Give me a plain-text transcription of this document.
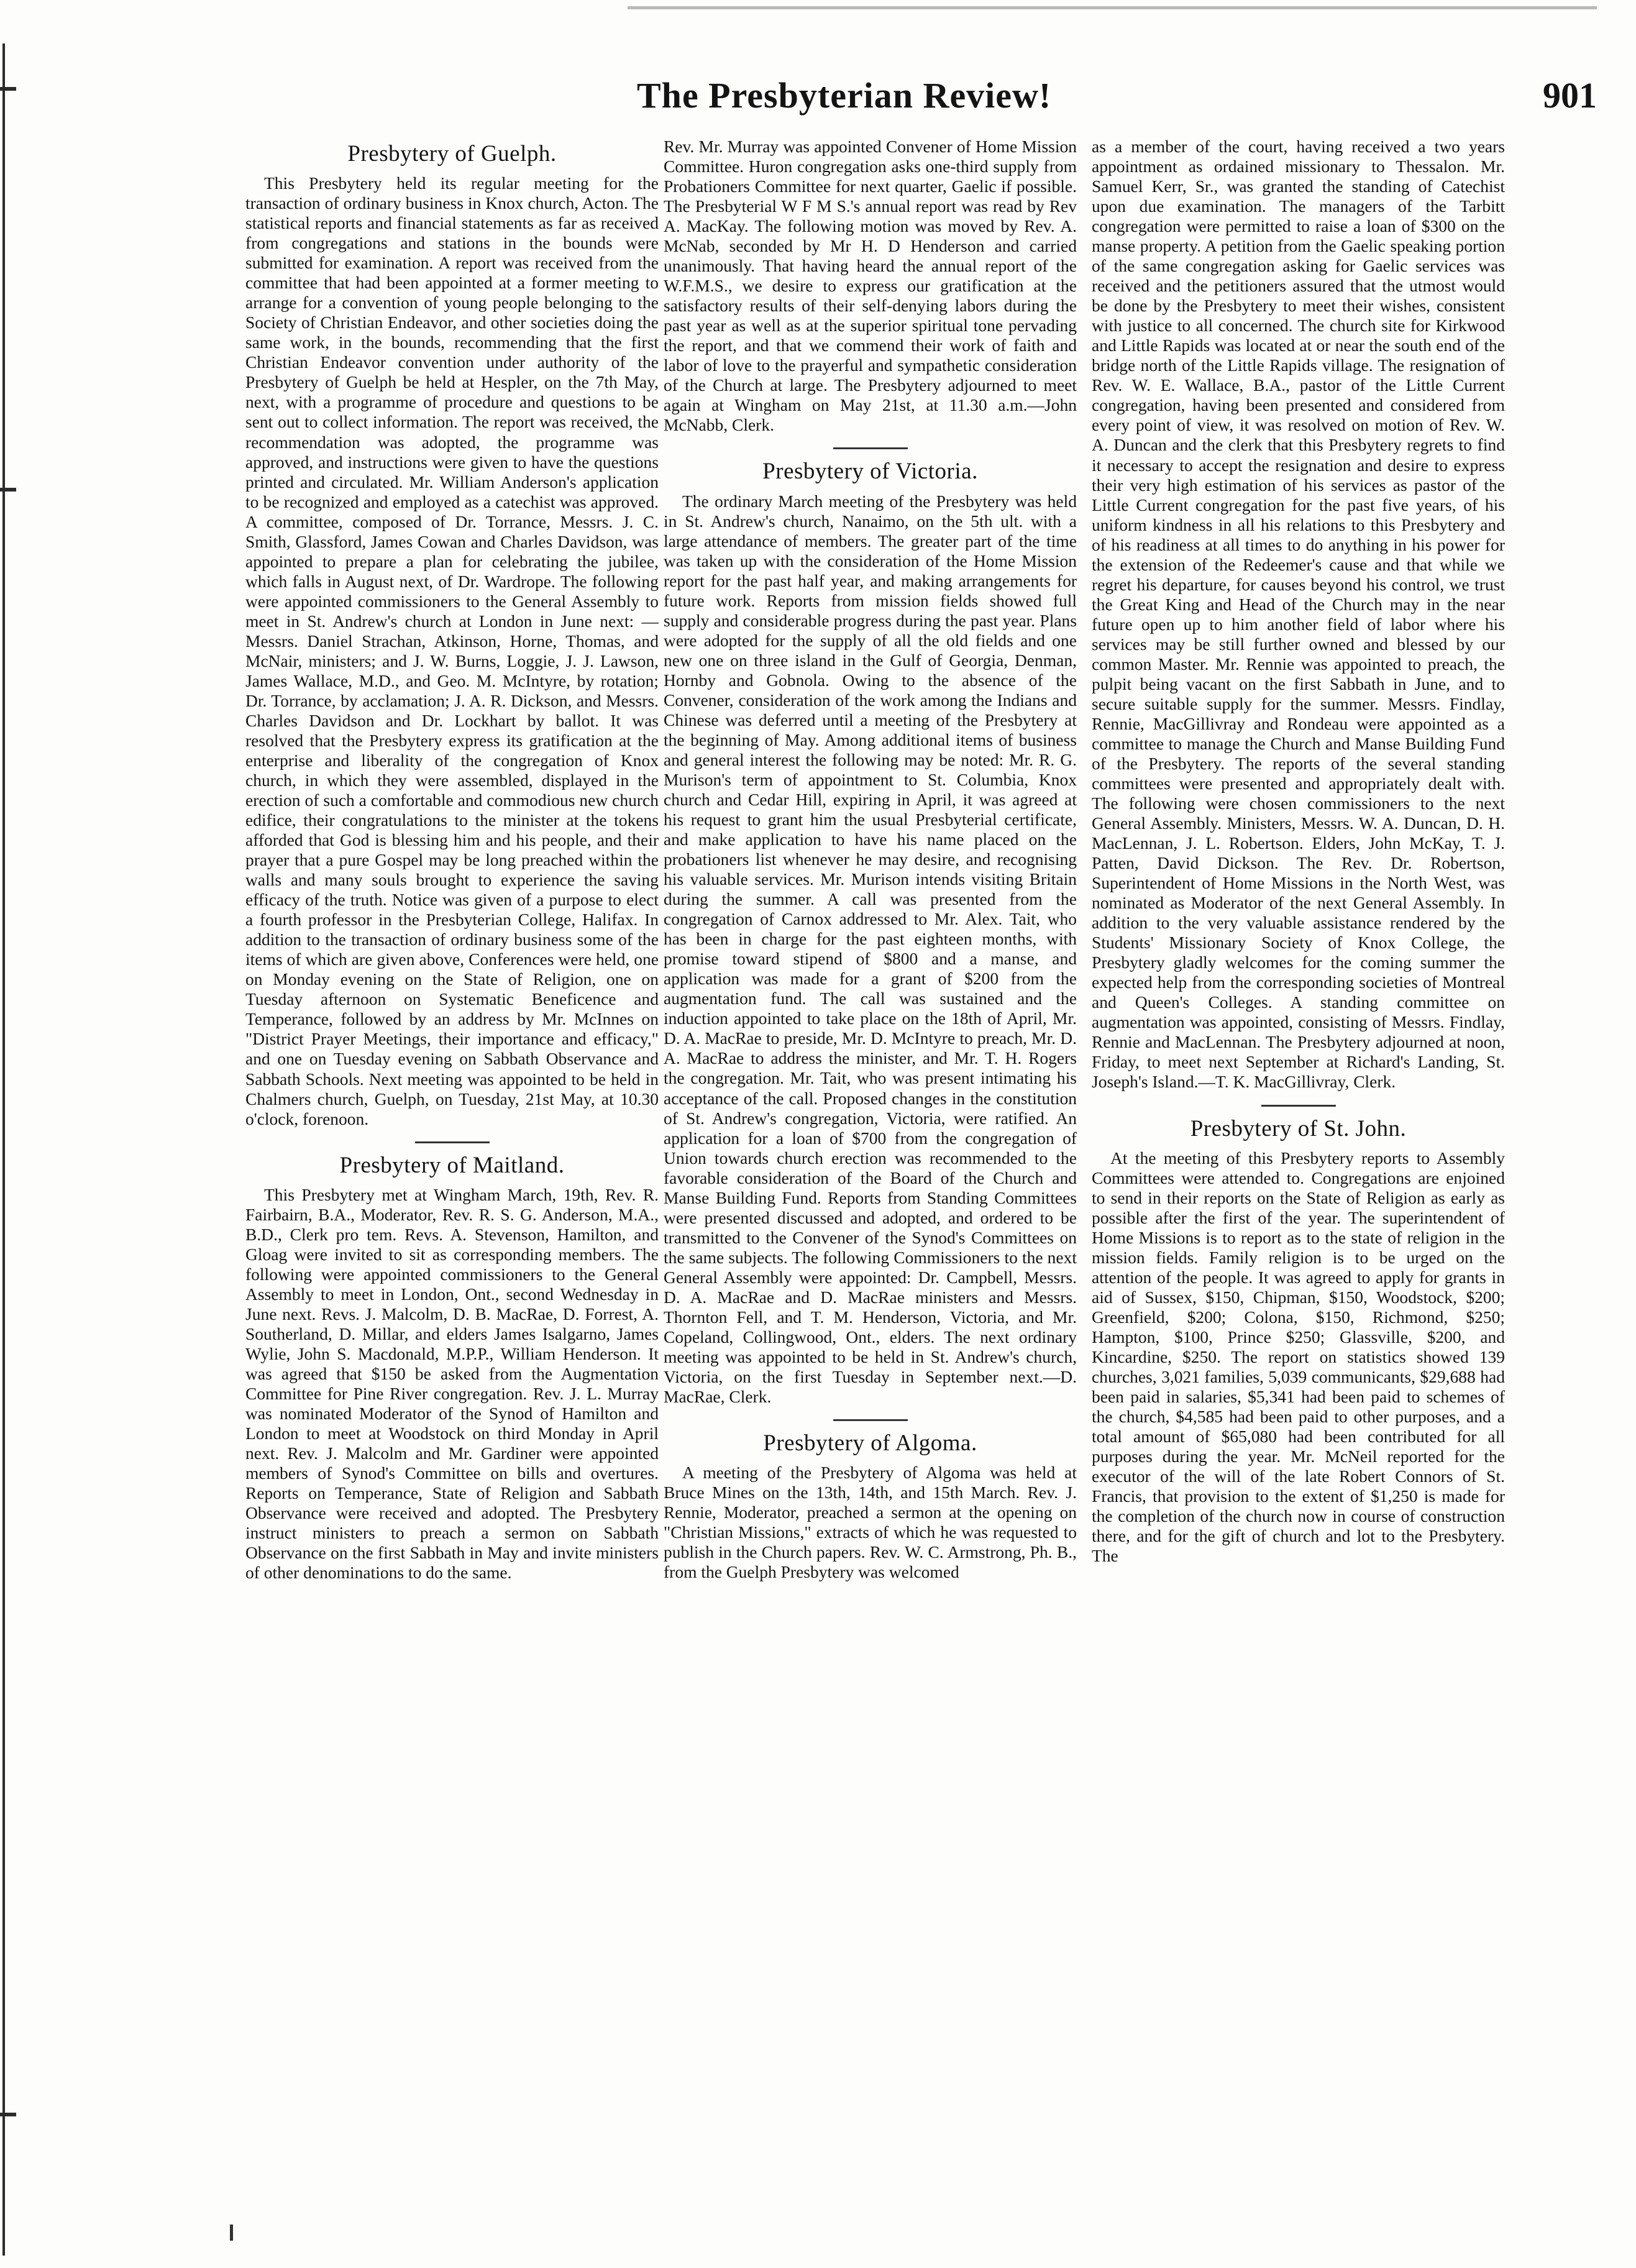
The Presbyterian Review!	901
Presbytery of Guelph.

This Presbytery held its regular meeting for the transaction of ordinary business in Knox church, Acton. The statistical reports and financial statements as far as received from congregations and stations in the bounds were submitted for examination. A report was received from the committee that had been appointed at a former meeting to arrange for a convention of young people belonging to the Society of Christian Endeavor, and other societies doing the same work, in the bounds, recommending that the first Christian Endeavor convention under authority of the Presbytery of Guelph be held at Hespler, on the 7th May, next, with a programme of procedure and questions to be sent out to collect information. The report was received, the recommendation was adopted, the programme was approved, and instructions were given to have the questions printed and circulated. Mr. William Anderson's application to be recognized and employed as a catechist was approved. A committee, composed of Dr. Torrance, Messrs. J. C. Smith, Glassford, James Cowan and Charles Davidson, was appointed to prepare a plan for celebrating the jubilee, which falls in August next, of Dr. Wardrope. The following were appointed commissioners to the General Assembly to meet in St. Andrew's church at London in June next: —Messrs. Daniel Strachan, Atkinson, Horne, Thomas, and McNair, ministers; and J. W. Burns, Loggie, J. J. Lawson, James Wallace, M.D., and Geo. M. McIntyre, by rotation; Dr. Torrance, by acclamation; J. A. R. Dickson, and Messrs. Charles Davidson and Dr. Lockhart by ballot. It was resolved that the Presbytery express its gratification at the enterprise and liberality of the congregation of Knox church, in which they were assembled, displayed in the erection of such a comfortable and commodious new church edifice, their congratulations to the minister at the tokens afforded that God is blessing him and his people, and their prayer that a pure Gospel may be long preached within the walls and many souls brought to experience the saving efficacy of the truth. Notice was given of a purpose to elect a fourth professor in the Presbyterian College, Halifax. In addition to the transaction of ordinary business some of the items of which are given above, Conferences were held, one on Monday evening on the State of Religion, one on Tuesday afternoon on Systematic Beneficence and Temperance, followed by an address by Mr. McInnes on "District Prayer Meetings, their importance and efficacy," and one on Tuesday evening on Sabbath Observance and Sabbath Schools. Next meeting was appointed to be held in Chalmers church, Guelph, on Tuesday, 21st May, at 10.30 o'clock, forenoon.

Presbytery of Maitland.

This Presbytery met at Wingham March, 19th, Rev. R. Fairbairn, B.A., Moderator, Rev. R. S. G. Anderson, M.A., B.D., Clerk pro tem. Revs. A. Stevenson, Hamilton, and Gloag were invited to sit as corresponding members. The following were appointed commissioners to the General Assembly to meet in London, Ont., second Wednesday in June next. Revs. J. Malcolm, D. B. MacRae, D. Forrest, A. Southerland, D. Millar, and elders James Isalgarno, James Wylie, John S. Macdonald, M.P.P., William Henderson. It was agreed that $150 be asked from the Augmentation Committee for Pine River congregation. Rev. J. L. Murray was nominated Moderator of the Synod of Hamilton and London to meet at Woodstock on third Monday in April next. Rev. J. Malcolm and Mr. Gardiner were appointed members of Synod's Committee on bills and overtures. Reports on Temperance, State of Religion and Sabbath Observance were received and adopted. The Presbytery instruct ministers to preach a sermon on Sabbath Observance on the first Sabbath in May and invite ministers of other denominations to do the same.

Rev. Mr. Murray was appointed Convener of Home Mission Committee. Huron congregation asks one-third supply from Probationers Committee for next quarter, Gaelic if possible. The Presbyterial W F M S.'s annual report was read by Rev A. MacKay. The following motion was moved by Rev. A. McNab, seconded by Mr H. D Henderson and carried unanimously. That having heard the annual report of the W.F.M.S., we desire to express our gratification at the satisfactory results of their self-denying labors during the past year as well as at the superior spiritual tone pervading the report, and that we commend their work of faith and labor of love to the prayerful and sympathetic consideration of the Church at large. The Presbytery adjourned to meet again at Wingham on May 21st, at 11.30 a.m.—John McNabb, Clerk.

Presbytery of Victoria.

The ordinary March meeting of the Presbytery was held in St. Andrew's church, Nanaimo, on the 5th ult. with a large attendance of members. The greater part of the time was taken up with the consideration of the Home Mission report for the past half year, and making arrangements for future work. Reports from mission fields showed full supply and considerable progress during the past year. Plans were adopted for the supply of all the old fields and one new one on three island in the Gulf of Georgia, Denman, Hornby and Gobnola. Owing to the absence of the Convener, consideration of the work among the Indians and Chinese was deferred until a meeting of the Presbytery at the beginning of May. Among additional items of business and general interest the following may be noted: Mr. R. G. Murison's term of appointment to St. Columbia, Knox church and Cedar Hill, expiring in April, it was agreed at his request to grant him the usual Presbyterial certificate, and make application to have his name placed on the probationers list whenever he may desire, and recognising his valuable services. Mr. Murison intends visiting Britain during the summer. A call was presented from the congregation of Carnox addressed to Mr. Alex. Tait, who has been in charge for the past eighteen months, with promise toward stipend of $800 and a manse, and application was made for a grant of $200 from the augmentation fund. The call was sustained and the induction appointed to take place on the 18th of April, Mr. D. A. MacRae to preside, Mr. D. McIntyre to preach, Mr. D. A. MacRae to address the minister, and Mr. T. H. Rogers the congregation. Mr. Tait, who was present intimating his acceptance of the call. Proposed changes in the constitution of St. Andrew's congregation, Victoria, were ratified. An application for a loan of $700 from the congregation of Union towards church erection was recommended to the favorable consideration of the Board of the Church and Manse Building Fund. Reports from Standing Committees were presented discussed and adopted, and ordered to be transmitted to the Convener of the Synod's Committees on the same subjects. The following Commissioners to the next General Assembly were appointed: Dr. Campbell, Messrs. D. A. MacRae and D. MacRae ministers and Messrs. Thornton Fell, and T. M. Henderson, Victoria, and Mr. Copeland, Collingwood, Ont., elders. The next ordinary meeting was appointed to be held in St. Andrew's church, Victoria, on the first Tuesday in September next.—D. MacRae, Clerk.

Presbytery of Algoma.

A meeting of the Presbytery of Algoma was held at Bruce Mines on the 13th, 14th, and 15th March. Rev. J. Rennie, Moderator, preached a sermon at the opening on "Christian Missions," extracts of which he was requested to publish in the Church papers. Rev. W. C. Armstrong, Ph. B., from the Guelph Presbytery was welcomed

as a member of the court, having received a two years appointment as ordained missionary to Thessalon. Mr. Samuel Kerr, Sr., was granted the standing of Catechist upon due examination. The managers of the Tarbitt congregation were permitted to raise a loan of $300 on the manse property. A petition from the Gaelic speaking portion of the same congregation asking for Gaelic services was received and the petitioners assured that the utmost would be done by the Presbytery to meet their wishes, consistent with justice to all concerned. The church site for Kirkwood and Little Rapids was located at or near the south end of the bridge north of the Little Rapids village. The resignation of Rev. W. E. Wallace, B.A., pastor of the Little Current congregation, having been presented and considered from every point of view, it was resolved on motion of Rev. W. A. Duncan and the clerk that this Presbytery regrets to find it necessary to accept the resignation and desire to express their very high estimation of his services as pastor of the Little Current congregation for the past five years, of his uniform kindness in all his relations to this Presbytery and of his readiness at all times to do anything in his power for the extension of the Redeemer's cause and that while we regret his departure, for causes beyond his control, we trust the Great King and Head of the Church may in the near future open up to him another field of labor where his services may be still further owned and blessed by our common Master. Mr. Rennie was appointed to preach, the pulpit being vacant on the first Sabbath in June, and to secure suitable supply for the summer. Messrs. Findlay, Rennie, MacGillivray and Rondeau were appointed as a committee to manage the Church and Manse Building Fund of the Presbytery. The reports of the several standing committees were presented and appropriately dealt with. The following were chosen commissioners to the next General Assembly. Ministers, Messrs. W. A. Duncan, D. H. MacLennan, J. L. Robertson. Elders, John McKay, T. J. Patten, David Dickson. The Rev. Dr. Robertson, Superintendent of Home Missions in the North West, was nominated as Moderator of the next General Assembly. In addition to the very valuable assistance rendered by the Students' Missionary Society of Knox College, the Presbytery gladly welcomes for the coming summer the expected help from the corresponding societies of Montreal and Queen's Colleges. A standing committee on augmentation was appointed, consisting of Messrs. Findlay, Rennie and MacLennan. The Presbytery adjourned at noon, Friday, to meet next September at Richard's Landing, St. Joseph's Island.—T. K. MacGillivray, Clerk.

Presbytery of St. John.

At the meeting of this Presbytery reports to Assembly Committees were attended to. Congregations are enjoined to send in their reports on the State of Religion as early as possible after the first of the year. The superintendent of Home Missions is to report as to the state of religion in the mission fields. Family religion is to be urged on the attention of the people. It was agreed to apply for grants in aid of Sussex, $150, Chipman, $150, Woodstock, $200; Greenfield, $200; Colona, $150, Richmond, $250; Hampton, $100, Prince $250; Glassville, $200, and Kincardine, $250. The report on statistics showed 139 churches, 3,021 families, 5,039 communicants, $29,688 had been paid in salaries, $5,341 had been paid to schemes of the church, $4,585 had been paid to other purposes, and a total amount of $65,080 had been contributed for all purposes during the year. Mr. McNeil reported for the executor of the will of the late Robert Connors of St. Francis, that provision to the extent of $1,250 is made for the completion of the church now in course of construction there, and for the gift of church and lot to the Presbytery. The
